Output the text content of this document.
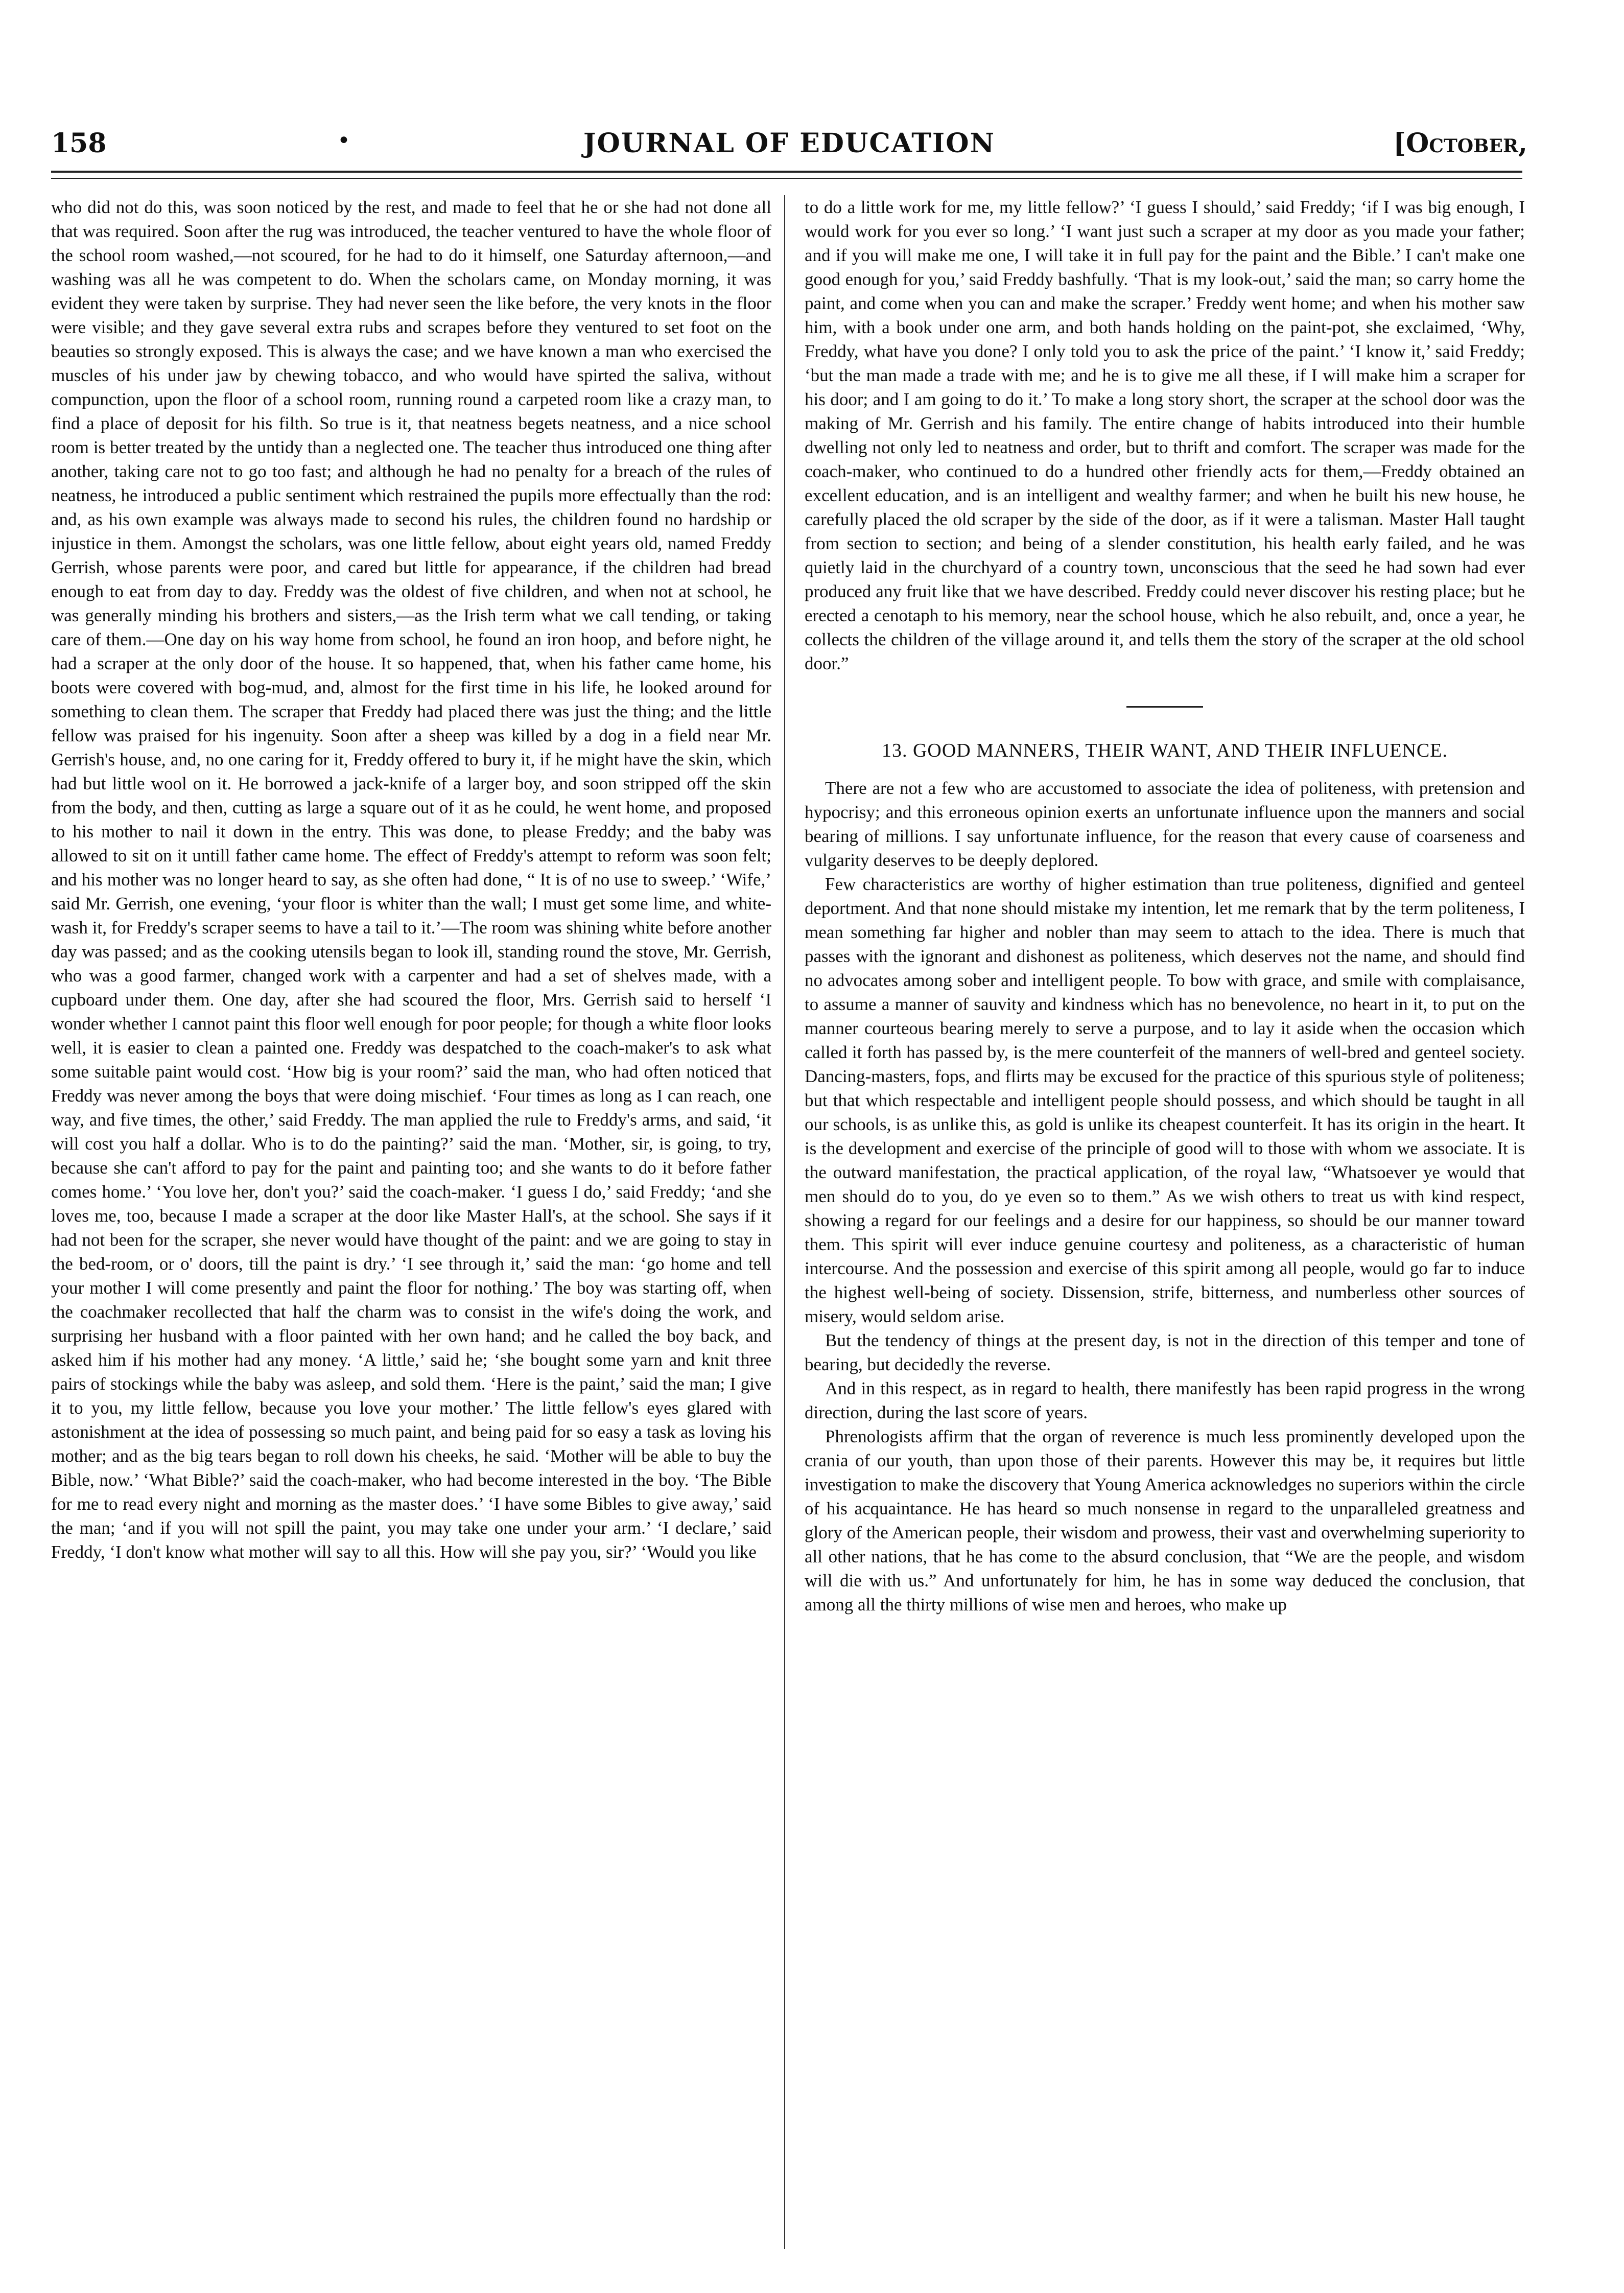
158	•	JOURNAL OF EDUCATION	[October,

who did not do this, was soon noticed by the rest, and made to feel that he or she had not done all that was required. Soon after the rug was introduced, the teacher ventured to have the whole floor of the school room washed,—not scoured, for he had to do it himself, one Saturday afternoon,—and washing was all he was competent to do. When the scholars came, on Monday morning, it was evident they were taken by surprise. They had never seen the like before, the very knots in the floor were visible; and they gave several extra rubs and scrapes before they ventured to set foot on the beauties so strongly exposed. This is always the case; and we have known a man who exercised the muscles of his under jaw by chewing tobacco, and who would have spirted the saliva, without compunction, upon the floor of a school room, running round a carpeted room like a crazy man, to find a place of deposit for his filth. So true is it, that neatness begets neatness, and a nice school room is better treated by the untidy than a neglected one. The teacher thus introduced one thing after another, taking care not to go too fast; and although he had no penalty for a breach of the rules of neatness, he introduced a public sentiment which restrained the pupils more effectually than the rod: and, as his own example was always made to second his rules, the children found no hardship or injustice in them. Amongst the scholars, was one little fellow, about eight years old, named Freddy Gerrish, whose parents were poor, and cared but little for appearance, if the children had bread enough to eat from day to day. Freddy was the oldest of five children, and when not at school, he was generally minding his brothers and sisters,—as the Irish term what we call tending, or taking care of them.—One day on his way home from school, he found an iron hoop, and before night, he had a scraper at the only door of the house. It so happened, that, when his father came home, his boots were covered with bog-mud, and, almost for the first time in his life, he looked around for something to clean them. The scraper that Freddy had placed there was just the thing; and the little fellow was praised for his ingenuity. Soon after a sheep was killed by a dog in a field near Mr. Gerrish's house, and, no one caring for it, Freddy offered to bury it, if he might have the skin, which had but little wool on it. He borrowed a jack-knife of a larger boy, and soon stripped off the skin from the body, and then, cutting as large a square out of it as he could, he went home, and proposed to his mother to nail it down in the entry. This was done, to please Freddy; and the baby was allowed to sit on it untill father came home. The effect of Freddy's attempt to reform was soon felt; and his mother was no longer heard to say, as she often had done, “ It is of no use to sweep.’ ‘Wife,’ said Mr. Gerrish, one evening, ‘your floor is whiter than the wall; I must get some lime, and white-wash it, for Freddy's scraper seems to have a tail to it.’—The room was shining white before another day was passed; and as the cooking utensils began to look ill, standing round the stove, Mr. Gerrish, who was a good farmer, changed work with a carpenter and had a set of shelves made, with a cupboard under them. One day, after she had scoured the floor, Mrs. Gerrish said to herself ‘I wonder whether I cannot paint this floor well enough for poor people; for though a white floor looks well, it is easier to clean a painted one. Freddy was despatched to the coach-maker's to ask what some suitable paint would cost. ‘How big is your room?’ said the man, who had often noticed that Freddy was never among the boys that were doing mischief. ‘Four times as long as I can reach, one way, and five times, the other,’ said Freddy. The man applied the rule to Freddy's arms, and said, ‘it will cost you half a dollar. Who is to do the painting?’ said the man. ‘Mother, sir, is going, to try, because she can't afford to pay for the paint and painting too; and she wants to do it before father comes home.’ ‘You love her, don't you?’ said the coach-maker. ‘I guess I do,’ said Freddy; ‘and she loves me, too, because I made a scraper at the door like Master Hall's, at the school. She says if it had not been for the scraper, she never would have thought of the paint: and we are going to stay in the bed-room, or o' doors, till the paint is dry.’ ‘I see through it,’ said the man: ‘go home and tell your mother I will come presently and paint the floor for nothing.’ The boy was starting off, when the coachmaker recollected that half the charm was to consist in the wife's doing the work, and surprising her husband with a floor painted with her own hand; and he called the boy back, and asked him if his mother had any money. ‘A little,’ said he; ‘she bought some yarn and knit three pairs of stockings while the baby was asleep, and sold them. ‘Here is the paint,’ said the man; I give it to you, my little fellow, because you love your mother.’ The little fellow's eyes glared with astonishment at the idea of possessing so much paint, and being paid for so easy a task as loving his mother; and as the big tears began to roll down his cheeks, he said. ‘Mother will be able to buy the Bible, now.’ ‘What Bible?’ said the coach-maker, who had become interested in the boy. ‘The Bible for me to read every night and morning as the master does.’ ‘I have some Bibles to give away,’ said the man; ‘and if you will not spill the paint, you may take one under your arm.’ ‘I declare,’ said Freddy, ‘I don't know what mother will say to all this. How will she pay you, sir?’ ‘Would you like

to do a little work for me, my little fellow?’ ‘I guess I should,’ said Freddy; ‘if I was big enough, I would work for you ever so long.’ ‘I want just such a scraper at my door as you made your father; and if you will make me one, I will take it in full pay for the paint and the Bible.’ I can't make one good enough for you,’ said Freddy bashfully. ‘That is my look-out,’ said the man; so carry home the paint, and come when you can and make the scraper.’ Freddy went home; and when his mother saw him, with a book under one arm, and both hands holding on the paint-pot, she exclaimed, ‘Why, Freddy, what have you done? I only told you to ask the price of the paint.’ ‘I know it,’ said Freddy; ‘but the man made a trade with me; and he is to give me all these, if I will make him a scraper for his door; and I am going to do it.’ To make a long story short, the scraper at the school door was the making of Mr. Gerrish and his family. The entire change of habits introduced into their humble dwelling not only led to neatness and order, but to thrift and comfort. The scraper was made for the coach-maker, who continued to do a hundred other friendly acts for them,—Freddy obtained an excellent education, and is an intelligent and wealthy farmer; and when he built his new house, he carefully placed the old scraper by the side of the door, as if it were a talisman. Master Hall taught from section to section; and being of a slender constitution, his health early failed, and he was quietly laid in the churchyard of a country town, unconscious that the seed he had sown had ever produced any fruit like that we have described. Freddy could never discover his resting place; but he erected a cenotaph to his memory, near the school house, which he also rebuilt, and, once a year, he collects the children of the village around it, and tells them the story of the scraper at the old school door.”

13. GOOD MANNERS, THEIR WANT, AND THEIR INFLUENCE.

There are not a few who are accustomed to associate the idea of politeness, with pretension and hypocrisy; and this erroneous opinion exerts an unfortunate influence upon the manners and social bearing of millions. I say unfortunate influence, for the reason that every cause of coarseness and vulgarity deserves to be deeply deplored.

Few characteristics are worthy of higher estimation than true politeness, dignified and genteel deportment. And that none should mistake my intention, let me remark that by the term politeness, I mean something far higher and nobler than may seem to attach to the idea. There is much that passes with the ignorant and dishonest as politeness, which deserves not the name, and should find no advocates among sober and intelligent people. To bow with grace, and smile with complaisance, to assume a manner of sauvity and kindness which has no benevolence, no heart in it, to put on the manner courteous bearing merely to serve a purpose, and to lay it aside when the occasion which called it forth has passed by, is the mere counterfeit of the manners of well-bred and genteel society. Dancing-masters, fops, and flirts may be excused for the practice of this spurious style of politeness; but that which respectable and intelligent people should possess, and which should be taught in all our schools, is as unlike this, as gold is unlike its cheapest counterfeit. It has its origin in the heart. It is the development and exercise of the principle of good will to those with whom we associate. It is the outward manifestation, the practical application, of the royal law, “Whatsoever ye would that men should do to you, do ye even so to them.” As we wish others to treat us with kind respect, showing a regard for our feelings and a desire for our happiness, so should be our manner toward them. This spirit will ever induce genuine courtesy and politeness, as a characteristic of human intercourse. And the possession and exercise of this spirit among all people, would go far to induce the highest well-being of society. Dissension, strife, bitterness, and numberless other sources of misery, would seldom arise.

But the tendency of things at the present day, is not in the direction of this temper and tone of bearing, but decidedly the reverse.

And in this respect, as in regard to health, there manifestly has been rapid progress in the wrong direction, during the last score of years.

Phrenologists affirm that the organ of reverence is much less prominently developed upon the crania of our youth, than upon those of their parents. However this may be, it requires but little investigation to make the discovery that Young America acknowledges no superiors within the circle of his acquaintance. He has heard so much nonsense in regard to the unparalleled greatness and glory of the American people, their wisdom and prowess, their vast and overwhelming superiority to all other nations, that he has come to the absurd conclusion, that “We are the people, and wisdom will die with us.” And unfortunately for him, he has in some way deduced the conclusion, that among all the thirty millions of wise men and heroes, who make up
